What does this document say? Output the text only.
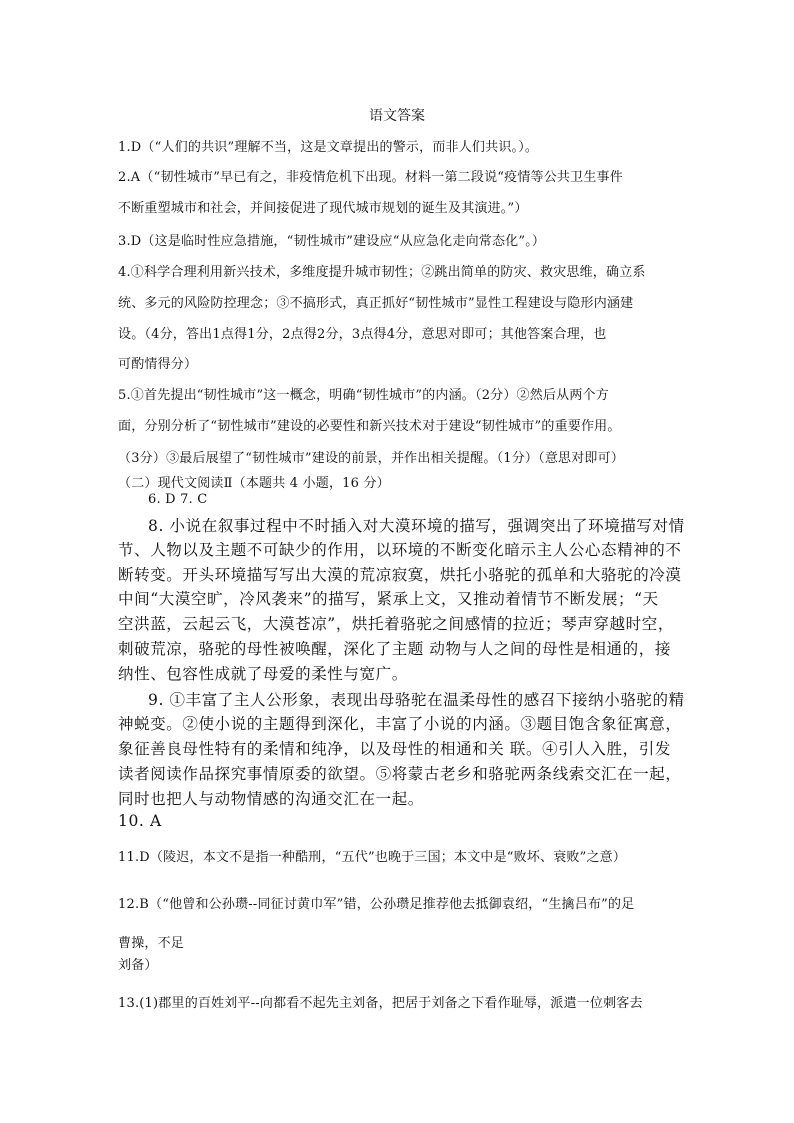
语文答案
1.D（“人们的共识”理解不当，这是文章提出的警示，而非人们共识。）。
2.A（“韧性城市”早已有之，非疫情危机下出现。材料一第二段说“疫情等公共卫生事件
不断重塑城市和社会，并间接促进了现代城市规划的诞生及其演进。”）
3.D（这是临时性应急措施，“韧性城市”建设应“从应急化走向常态化”。）
4.①科学合理利用新兴技术，多维度提升城市韧性；②跳出简单的防灾、救灾思维，确立系
统、多元的风险防控理念；③不搞形式，真正抓好“韧性城市”显性工程建设与隐形内涵建
设。（4分，答出1点得1分，2点得2分，3点得4分，意思对即可；其他答案合理，也
可酌情得分）
5.①首先提出“韧性城市”这一概念，明确“韧性城市”的内涵。（2分）②然后从两个方
面，分别分析了“韧性城市”建设的必要性和新兴技术对于建设“韧性城市”的重要作用。
（3分）③最后展望了“韧性城市”建设的前景，并作出相关提醒。（1分）（意思对即可）
（二）现代文阅读Ⅱ（本题共 4 小题，16 分）
6. D 7. C
8. 小说在叙事过程中不时插入对大漠环境的描写，强调突出了环境描写对情
节、人物以及主题不可缺少的作用，以环境的不断变化暗示主人公心态精神的不
断转变。开头环境描写写出大漠的荒凉寂寞，烘托小骆驼的孤单和大骆驼的冷漠
中间“大漠空旷，冷风袭来”的描写，紧承上文，又推动着情节不断发展；“天
空洪蓝，云起云飞，大漠苍凉”，烘托着骆驼之间感情的拉近；琴声穿越时空，
刺破荒凉，骆驼的母性被唤醒，深化了主题 动物与人之间的母性是相通的，接
纳性、包容性成就了母爱的柔性与宽广。
9. ①丰富了主人公形象，表现出母骆驼在温柔母性的感召下接纳小骆驼的精
神蜕变。②使小说的主题得到深化，丰富了小说的内涵。③题目饱含象征寓意，
象征善良母性特有的柔情和纯净，以及母性的相通和关 联。④引人入胜，引发
读者阅读作品探究事情原委的欲望。⑤将蒙古老乡和骆驼两条线索交汇在一起，
同时也把人与动物情感的沟通交汇在一起。
10. A
11.D（陵迟，本文不是指一种酷刑，“五代”也晚于三国；本文中是“败坏、衰败”之意）
12.B（“他曾和公孙瓒--同征讨黄巾军”错，公孙瓒足推荐他去抵御袁绍，“生擒吕布”的足
曹操，不足
刘备）
13.(1)郡里的百姓刘平--向都看不起先主刘备，把居于刘备之下看作耻辱，派遣一位刺客去
